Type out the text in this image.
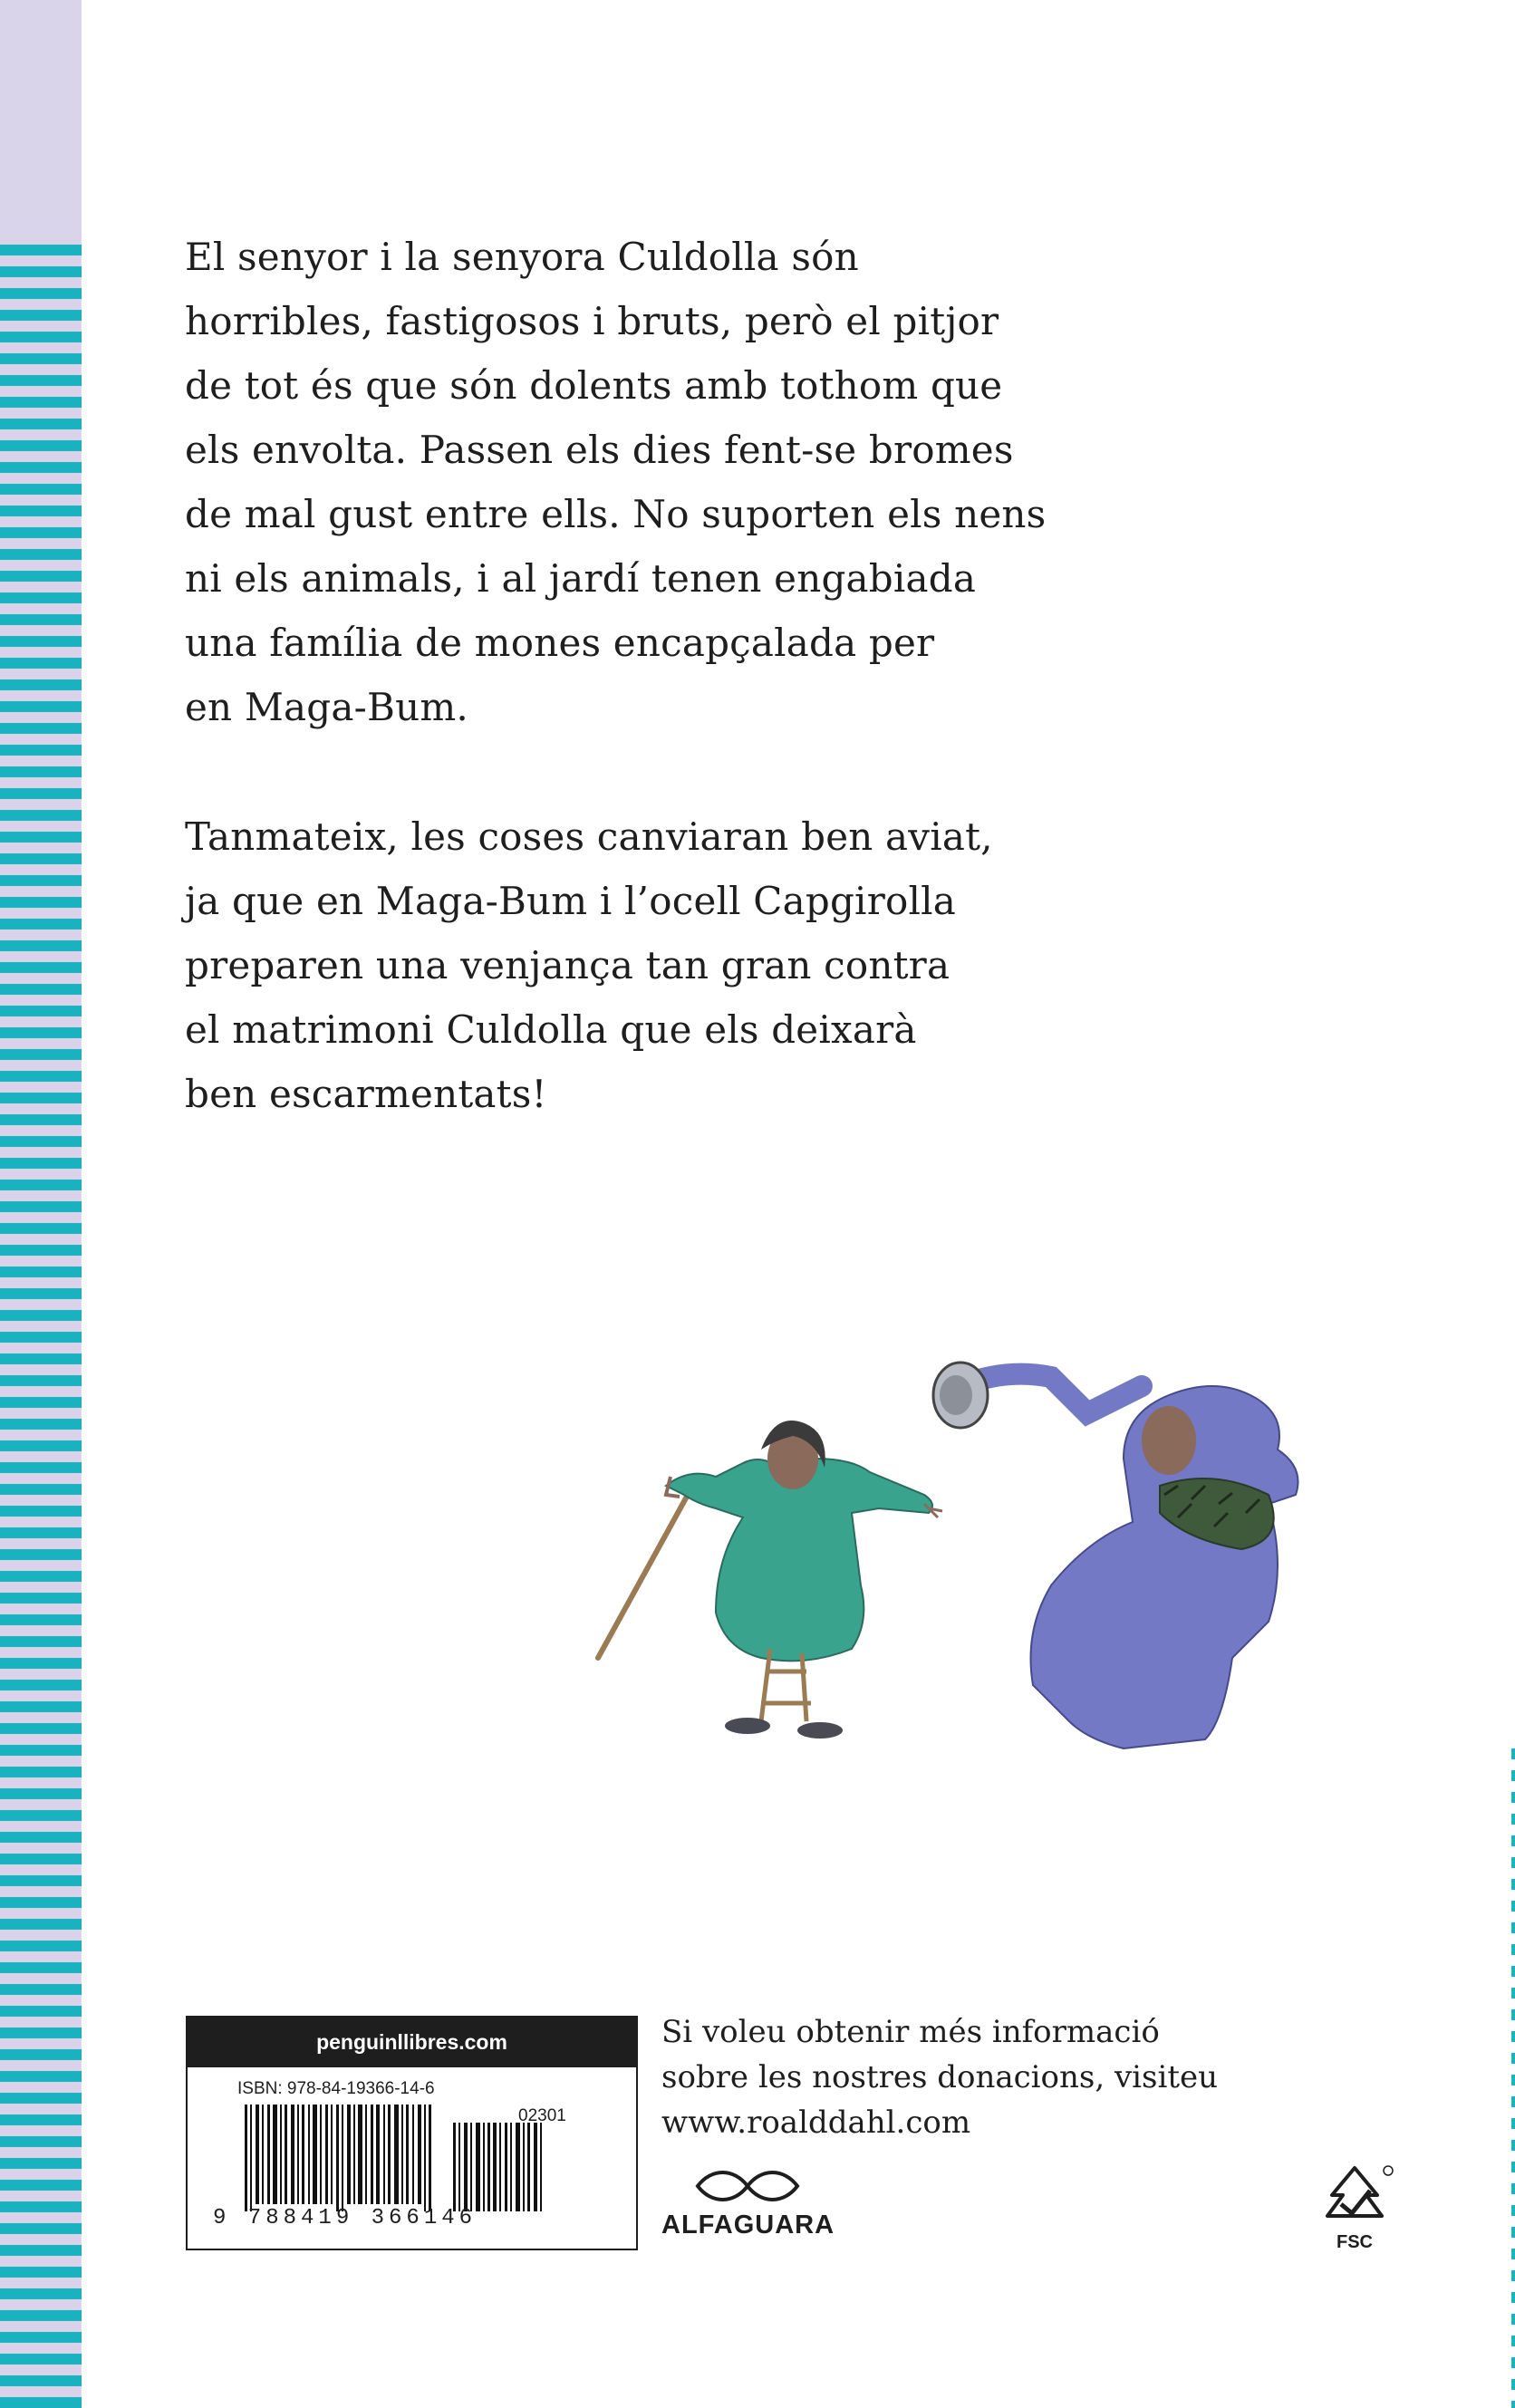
El senyor i la senyora Culdolla són
horribles, fastigosos i bruts, però el pitjor
de tot és que són dolents amb tothom que
els envolta. Passen els dies fent-se bromes
de mal gust entre ells. No suporten els nens
ni els animals, i al jardí tenen engabiada
una família de mones encapçalada per
en Maga-Bum.

Tanmateix, les coses canviaran ben aviat,
ja que en Maga-Bum i l’ocell Capgirolla
preparen una venjança tan gran contra
el matrimoni Culdolla que els deixarà
ben escarmentats!

penguinllibres.com
ISBN: 978-84-19366-14-6
02301
9 788419 366146
Si voleu obtenir més informació
sobre les nostres donacions, visiteu
www.roalddahl.com
ALFAGUARA
FSC
